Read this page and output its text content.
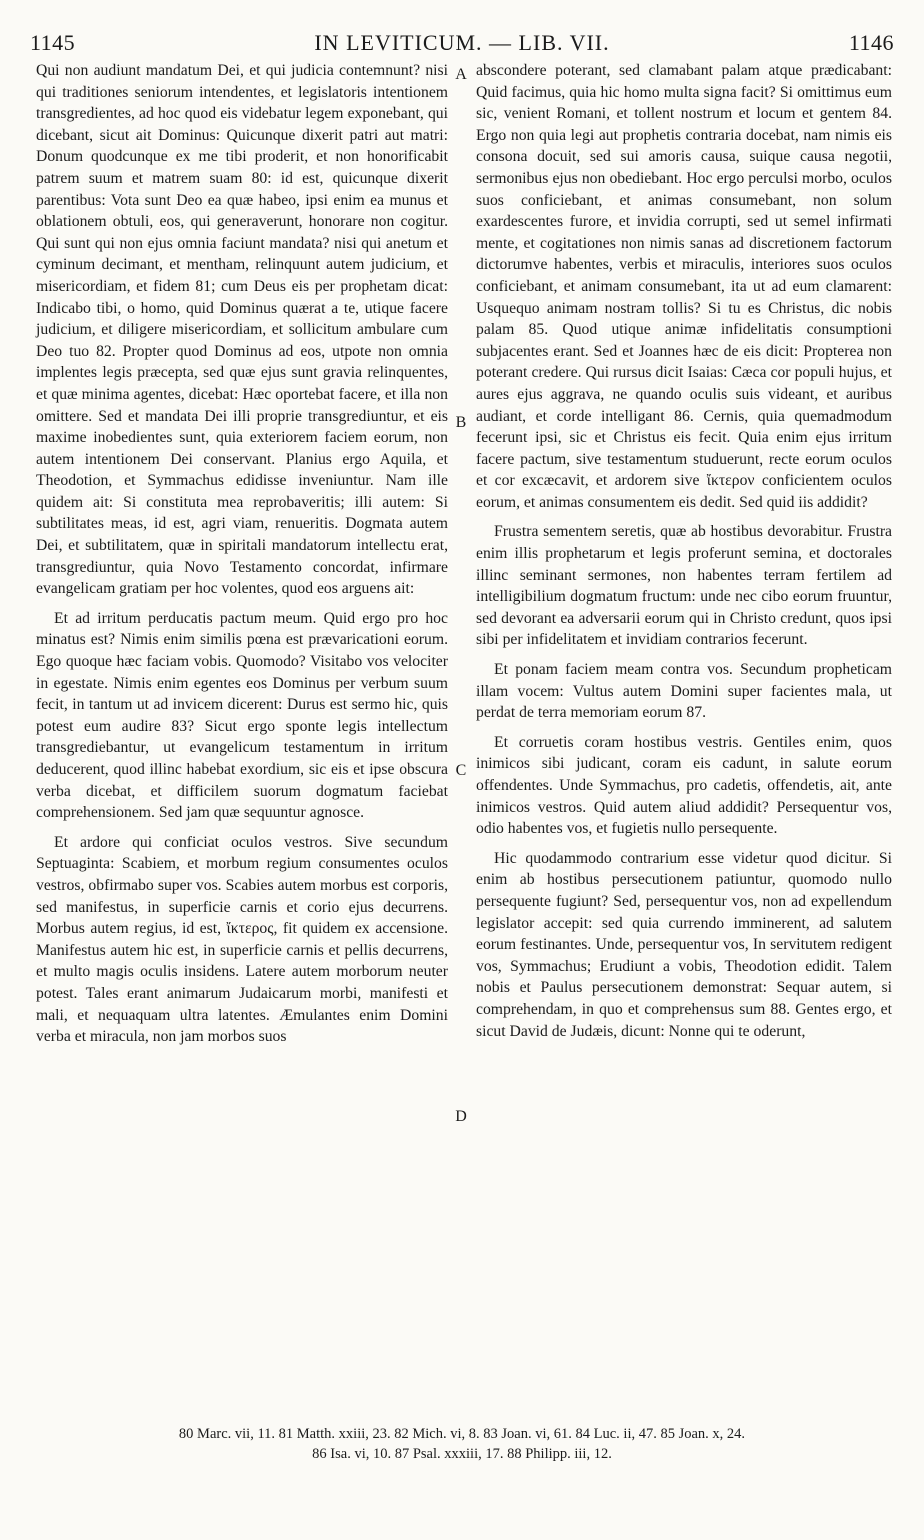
1145	IN LEVITICUM. — LIB. VII.	1146

Qui non audiunt mandatum Dei, et qui judicia contemnunt? nisi qui traditiones seniorum intendentes, et legislatoris intentionem transgredientes, ad hoc quod eis videbatur legem exponebant, qui dicebant, sicut ait Dominus: Quicunque dixerit patri aut matri: Donum quodcunque ex me tibi proderit, et non honorificabit patrem suum et matrem suam 80: id est, quicunque dixerit parentibus: Vota sunt Deo ea quæ habeo, ipsi enim ea munus et oblationem obtuli, eos, qui generaverunt, honorare non cogitur. Qui sunt qui non ejus omnia faciunt mandata? nisi qui anetum et cyminum decimant, et mentham, relinquunt autem judicium, et misericordiam, et fidem 81; cum Deus eis per prophetam dicat: Indicabo tibi, o homo, quid Dominus quærat a te, utique facere judicium, et diligere misericordiam, et sollicitum ambulare cum Deo tuo 82. Propter quod Dominus ad eos, utpote non omnia implentes legis præcepta, sed quæ ejus sunt gravia relinquentes, et quæ minima agentes, dicebat: Hæc oportebat facere, et illa non omittere. Sed et mandata Dei illi proprie transgrediuntur, et eis maxime inobedientes sunt, quia exteriorem faciem eorum, non autem intentionem Dei conservant. Planius ergo Aquila, et Theodotion, et Symmachus edidisse inveniuntur. Nam ille quidem ait: Si constituta mea reprobaveritis; illi autem: Si subtilitates meas, id est, agri viam, renueritis. Dogmata autem Dei, et subtilitatem, quæ in spiritali mandatorum intellectu erat, transgrediuntur, quia Novo Testamento concordat, infirmare evangelicam gratiam per hoc volentes, quod eos arguens ait:

Et ad irritum perducatis pactum meum. Quid ergo pro hoc minatus est? Nimis enim similis pœna est prævaricationi eorum. Ego quoque hæc faciam vobis. Quomodo? Visitabo vos velociter in egestate. Nimis enim egentes eos Dominus per verbum suum fecit, in tantum ut ad invicem dicerent: Durus est sermo hic, quis potest eum audire 83? Sicut ergo sponte legis intellectum transgrediebantur, ut evangelicum testamentum in irritum deducerent, quod illinc habebat exordium, sic eis et ipse obscura verba dicebat, et difficilem suorum dogmatum faciebat comprehensionem. Sed jam quæ sequuntur agnosce.

Et ardore qui conficiat oculos vestros. Sive secundum Septuaginta: Scabiem, et morbum regium consumentes oculos vestros, obfirmabo super vos. Scabies autem morbus est corporis, sed manifestus, in superficie carnis et corio ejus decurrens. Morbus autem regius, id est, ἴκτερος, fit quidem ex accensione. Manifestus autem hic est, in superficie carnis et pellis decurrens, et multo magis oculis insidens. Latere autem morborum neuter potest. Tales erant animarum Judaicarum morbi, manifesti et mali, et nequaquam ultra latentes. Æmulantes enim Domini verba et miracula, non jam morbos suos

A
B
C
D

abscondere poterant, sed clamabant palam atque prædicabant: Quid facimus, quia hic homo multa signa facit? Si omittimus eum sic, venient Romani, et tollent nostrum et locum et gentem 84. Ergo non quia legi aut prophetis contraria docebat, nam nimis eis consona docuit, sed sui amoris causa, suique causa negotii, sermonibus ejus non obediebant. Hoc ergo perculsi morbo, oculos suos conficiebant, et animas consumebant, non solum exardescentes furore, et invidia corrupti, sed ut semel infirmati mente, et cogitationes non nimis sanas ad discretionem factorum dictorumve habentes, verbis et miraculis, interiores suos oculos conficiebant, et animam consumebant, ita ut ad eum clamarent: Usquequo animam nostram tollis? Si tu es Christus, dic nobis palam 85. Quod utique animæ infidelitatis consumptioni subjacentes erant. Sed et Joannes hæc de eis dicit: Propterea non poterant credere. Qui rursus dicit Isaias: Cæca cor populi hujus, et aures ejus aggrava, ne quando oculis suis videant, et auribus audiant, et corde intelligant 86. Cernis, quia quemadmodum fecerunt ipsi, sic et Christus eis fecit. Quia enim ejus irritum facere pactum, sive testamentum studuerunt, recte eorum oculos et cor excæcavit, et ardorem sive ἴκτερον conficientem oculos eorum, et animas consumentem eis dedit. Sed quid iis addidit?

Frustra sementem seretis, quæ ab hostibus devorabitur. Frustra enim illis prophetarum et legis proferunt semina, et doctorales illinc seminant sermones, non habentes terram fertilem ad intelligibilium dogmatum fructum: unde nec cibo eorum fruuntur, sed devorant ea adversarii eorum qui in Christo credunt, quos ipsi sibi per infidelitatem et invidiam contrarios fecerunt.

Et ponam faciem meam contra vos. Secundum propheticam illam vocem: Vultus autem Domini super facientes mala, ut perdat de terra memoriam eorum 87.

Et corruetis coram hostibus vestris. Gentiles enim, quos inimicos sibi judicant, coram eis cadunt, in salute eorum offendentes. Unde Symmachus, pro cadetis, offendetis, ait, ante inimicos vestros. Quid autem aliud addidit? Persequentur vos, odio habentes vos, et fugietis nullo persequente.

Hic quodammodo contrarium esse videtur quod dicitur. Si enim ab hostibus persecutionem patiuntur, quomodo nullo persequente fugiunt? Sed, persequentur vos, non ad expellendum legislator accepit: sed quia currendo imminerent, ad salutem eorum festinantes. Unde, persequentur vos, In servitutem redigent vos, Symmachus; Erudiunt a vobis, Theodotion edidit. Talem nobis et Paulus persecutionem demonstrat: Sequar autem, si comprehendam, in quo et comprehensus sum 88. Gentes ergo, et sicut David de Judæis, dicunt: Nonne qui te oderunt,

80 Marc. vii, 11. 81 Matth. xxiii, 23. 82 Mich. vi, 8. 83 Joan. vi, 61. 84 Luc. ii, 47. 85 Joan. x, 24.
86 Isa. vi, 10. 87 Psal. xxxiii, 17. 88 Philipp. iii, 12.
